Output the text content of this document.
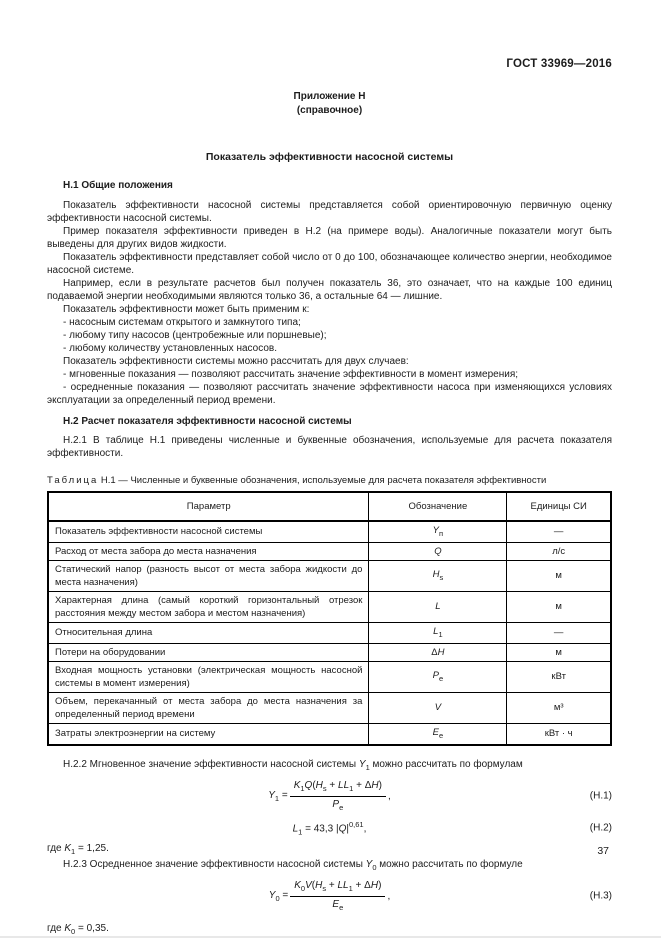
ГОСТ 33969—2016
Приложение Н
(справочное)
Показатель эффективности насосной системы
Н.1 Общие положения

Показатель эффективности насосной системы представляется собой ориентировочную первичную оценку эффективности насосной системы.

Пример показателя эффективности приведен в Н.2 (на примере воды). Аналогичные показатели могут быть выведены для других видов жидкости.

Показатель эффективности представляет собой число от 0 до 100, обозначающее количество энергии, необходимое насосной системе.

Например, если в результате расчетов был получен показатель 36, это означает, что на каждые 100 единиц подаваемой энергии необходимыми являются только 36, а остальные 64 — лишние.

Показатель эффективности может быть применим к:

- насосным системам открытого и замкнутого типа;

- любому типу насосов (центробежные или поршневые);

- любому количеству установленных насосов.

Показатель эффективности системы можно рассчитать для двух случаев:

- мгновенные показания — позволяют рассчитать значение эффективности в момент измерения;

- осредненные показания — позволяют рассчитать значение эффективности насоса при изменяющихся условиях эксплуатации за определенный период времени.

Н.2 Расчет показателя эффективности насосной системы

Н.2.1 В таблице Н.1 приведены численные и буквенные обозначения, используемые для расчета показателя эффективности.

Таблица Н.1 — Численные и буквенные обозначения, используемые для расчета показателя эффективности
Параметр	Обозначение	Единицы СИ
Показатель эффективности насосной системы	$Y_п$	—
Расход от места забора до места назначения	Q	л/с
Статический напор (разность высот от места забора жидкости до места назначения)	$H_s$	м
Характерная длина (самый короткий горизонтальный отрезок расстояния между местом забора и местом назначения)	L	м
Относительная длина	$L_1$	—
Потери на оборудовании	ΔH	м
Входная мощность установки (электрическая мощность насосной системы в момент измерения)	$P_е$	кВт
Объем, перекачанный от места забора до места назначения за определенный период времени	V	м³
Затраты электроэнергии на систему	$E_е$	кВт · ч

Н.2.2 Мгновенное значение эффективности насосной системы $Y_1$ можно рассчитать по формулам

$Y_1 = \frac{K_1Q(H_s + LL_1 + \Delta H)}{P_е}$ ,	(Н.1)
$L_1 = 43,3$ $|Q|^{0,61}$,	(Н.2)

где $K_1 = 1,25$.

Н.2.3 Осредненное значение эффективности насосной системы $Y_0$ можно рассчитать по формуле

$Y_0 = \frac{K_0V(H_s + LL_1 + \Delta H)}{E_е}$ ,	(Н.3)

где $K_0 = 0,35$.

37
